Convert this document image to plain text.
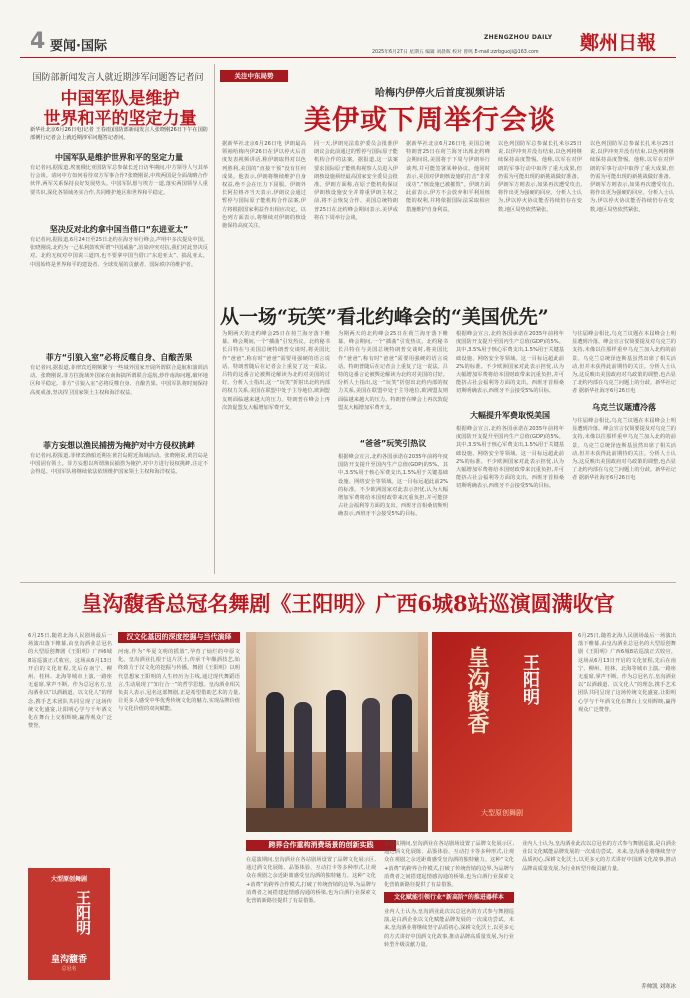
4 要闻·国际
ZHENGZHOU DAILY 鄭州日報
2025年6月27日 星期五 编辑 刘晨晖 校对 曾鸣 E-mail:zzrbguoji@163.com
国防部新闻发言人就近期涉军问题答记者问
中国军队是维护
世界和平的坚定力量
新华社北京6月26日电(记者 王春雨)国防部新闻发言人张晓刚26日下午在国防部例行记者会上就近期涉军问题答记者问。
中国军队是维护世界和平的坚定力量
有记者问,据报道,埃塞俄比亚国防军总参谋长近日访华期间,中方领导人与其举行会谈。请问中方如何看待双方军事合作?张晓刚说,中埃两国是全面战略合作伙伴,两军关系保持良好发展势头。中国军队愿与埃方一道,落实两国领导人重要共识,深化各领域务实合作,共同维护地区和世界和平稳定。
坚决反对北约拿中国当借口“东进亚太”
有记者问,据报道,6月24日至25日北约在海牙举行峰会,声明中多次提及中国。张晓刚说,北约为一己私利鼓吹所谓“中国威胁”,渲染冲突对抗,我们对此坚决反对。北约无权对中国说三道四,也不要拿中国当借口“东进亚太”、搞乱亚太。中国始终是世界和平的建设者、全球发展的贡献者、国际秩序的维护者。
菲方“引狼入室”必将反噬自身、自酿苦果
有记者问,据报道,菲律宾近期频繁与一些域外国家开展所谓联合巡航和演训活动。张晓刚说,菲方拉拢域外国家在南海搞所谓联合巡航,炒作南海问题,破坏地区和平稳定。菲方“引狼入室”必将反噬自身、自酿苦果。中国军队将时刻保持高度戒备,坚决捍卫国家领土主权和海洋权益。
菲方妄想以渔民捕捞为掩护对中方侵权挑衅
有记者问,据报道,菲律宾渔船近期在黄岩岛附近海域活动。张晓刚说,黄岩岛是中国固有领土。菲方妄想以所谓渔民捕捞为掩护,对中方进行侵权挑衅,注定不会得逞。中国军队将继续依法依规维护国家领土主权和海洋权益。
关注中东局势
哈梅内伊停火后首度视频讲话
美伊或下周举行会谈
据新华社北京6月26日电 伊朗最高领袖哈梅内伊26日在伊以停火后首度发表视频讲话,称伊朗取得对以色列胜利,美国的“直接干预”没有任何成果。他表示,伊朗将继续维护自身权益,绝不会在压力下屈服。伊朗外长阿拉格齐当天表示,伊朗议会通过暂停与国际原子能机构合作法案,伊方将根据国家利益作出相应决定。以色列方面表示,将继续对伊朗的核设施保持高度关注。
同一天,伊朗宪法监护委员会批准伊朗议会此前通过的暂停与国际原子能机构合作的法案。据报道,这一法案要求国际原子能机构视察人员进入伊朗核设施须经最高国家安全委员会批准。伊朗方面称,在原子能机构保证伊朗核设施安全并尊重伊朗主权之前,将不会恢复合作。美国总统特朗普25日在北约峰会期间表示,美伊或将在下周举行会谈。
据新华社北京6月26日电 美国总统特朗普25日在荷兰海牙出席北约峰会期间说,美国将于下周与伊朗举行谈判,并可能签署某种协议。他同时表示,美国对伊朗核设施的打击“非常成功”,“核设施已被摧毁”。伊朗方面此前表示,伊方不会放弃和平利用核能的权利,并将依据国际法采取相应措施维护自身利益。
以色列国防军总参谋长扎米尔25日说,以伊冲突并没有结束,以色列将继续保持高度警惕。他称,以军在对伊朗的军事行动中取得了重大成果,但仍需为可能出现的新挑战做好准备。伊朗军方则表示,如果再次遭受攻击,将作出更为强硬的回应。分析人士认为,伊以停火协议能否持续仍存在变数,地区局势依然紧张。
以色列国防军总参谋长扎米尔25日说,以伊冲突并没有结束,以色列将继续保持高度警惕。他称,以军在对伊朗的军事行动中取得了重大成果,但仍需为可能出现的新挑战做好准备。伊朗军方则表示,如果再次遭受攻击,将作出更为强硬的回应。分析人士认为,伊以停火协议能否持续仍存在变数,地区局势依然紧张。
从一场“玩笑”看北约峰会的“美国优先”
为期两天的北约峰会25日在荷兰海牙落下帷幕。峰会期间,一个“插曲”引发热议。北约秘书长吕特在与美国总统特朗普交谈时,将美国比作“爸爸”,称有时“爸爸”需要用强硬的语言说话。特朗普随后在记者会上重复了这一说法。吕特的这番言论被舆论解读为北约对美国的讨好。分析人士指出,这一“玩笑”折射出北约内部的权力关系,美国在联盟中处于主导地位,欧洲盟友则面临越来越大的压力。特朗普在峰会上再次敦促盟友大幅增加军费开支。
为期两天的北约峰会25日在荷兰海牙落下帷幕。峰会期间,一个“插曲”引发热议。北约秘书长吕特在与美国总统特朗普交谈时,将美国比作“爸爸”,称有时“爸爸”需要用强硬的语言说话。特朗普随后在记者会上重复了这一说法。吕特的这番言论被舆论解读为北约对美国的讨好。分析人士指出,这一“玩笑”折射出北约内部的权力关系,美国在联盟中处于主导地位,欧洲盟友则面临越来越大的压力。特朗普在峰会上再次敦促盟友大幅增加军费开支。
“爸爸”玩笑引热议
根据峰会宣言,北约各国承诺在2035年前将年度国防开支提升至国内生产总值(GDP)的5%。其中,3.5%用于核心军费支出,1.5%用于关键基础设施、网络安全等领域。这一目标远超此前2%的标准。不少欧洲国家对此表示担忧,认为大幅增加军费将给本国财政带来沉重负担,并可能挤占社会福利等方面的支出。西班牙首相桑切斯明确表示,西班牙不会接受5%的目标。
根据峰会宣言,北约各国承诺在2035年前将年度国防开支提升至国内生产总值(GDP)的5%。其中,3.5%用于核心军费支出,1.5%用于关键基础设施、网络安全等领域。这一目标远超此前2%的标准。不少欧洲国家对此表示担忧,认为大幅增加军费将给本国财政带来沉重负担,并可能挤占社会福利等方面的支出。西班牙首相桑切斯明确表示,西班牙不会接受5%的目标。
大幅提升军费取悦美国
根据峰会宣言,北约各国承诺在2035年前将年度国防开支提升至国内生产总值(GDP)的5%。其中,3.5%用于核心军费支出,1.5%用于关键基础设施、网络安全等领域。这一目标远超此前2%的标准。不少欧洲国家对此表示担忧,认为大幅增加军费将给本国财政带来沉重负担,并可能挤占社会福利等方面的支出。西班牙首相桑切斯明确表示,西班牙不会接受5%的目标。
与往届峰会相比,乌克兰议题在本届峰会上明显遭到冷落。峰会宣言仅简要提及对乌克兰的支持,未像以往那样重申乌克兰加入北约的前景。乌克兰总统泽连斯基虽然出席了相关活动,但并未获得此前期待的关注。分析人士认为,这反映出美国政府对乌政策的调整,也凸显了北约内部在乌克兰问题上的分歧。新华社记者 据新华社海牙6月26日电
乌克兰议题遭冷落
与往届峰会相比,乌克兰议题在本届峰会上明显遭到冷落。峰会宣言仅简要提及对乌克兰的支持,未像以往那样重申乌克兰加入北约的前景。乌克兰总统泽连斯基虽然出席了相关活动,但并未获得此前期待的关注。分析人士认为,这反映出美国政府对乌政策的调整,也凸显了北约内部在乌克兰问题上的分歧。新华社记者 据新华社海牙6月26日电
皇沟馥香总冠名舞剧《王阳明》广西6城8站巡演圆满收官
6月25日,随着北海人民剧场最后一场演出落下帷幕,由皇沟酒业总冠名的大型原创舞剧《王阳明》广西6城8站巡演正式收官。这场从6月13日开启的文化征程,先后在南宁、柳州、桂林、北海等城市上演,一路座无虚席,掌声不断。作为总冠名方,皇沟酒业以“以酒载道、以文化人”的理念,携手艺术团队共同呈现了这场传统文化盛宴,让阳明心学与千年酒文化在舞台上交相辉映,赢得观众广泛赞誉。
大型原创舞剧
王阳明
皇沟馥香
总冠名
汉文化基因的深度挖掘与当代演绎
河南,作为“华夏文明的摇篮”,孕育了灿烂的中原文化。皇沟酒业扎根于这片沃土,传承千年酿酒技艺,始终致力于汉文化的挖掘与传播。舞剧《王阳明》以明代思想家王阳明的人生经历为主线,通过现代舞蹈语言,生动展现了“知行合一”的哲学思想。皇沟酒业相关负责人表示,冠名这部舞剧,正是希望借助艺术的力量,让更多人感受中华优秀传统文化的魅力,实现品牌价值与文化价值的双向赋能。	皇沟馥香	王阳明
大型原创舞剧
6月25日,随着北海人民剧场最后一场演出落下帷幕,由皇沟酒业总冠名的大型原创舞剧《王阳明》广西6城8站巡演正式收官。这场从6月13日开启的文化征程,先后在南宁、柳州、桂林、北海等城市上演,一路座无虚席,掌声不断。作为总冠名方,皇沟酒业以“以酒载道、以文化人”的理念,携手艺术团队共同呈现了这场传统文化盛宴,让阳明心学与千年酒文化在舞台上交相辉映,赢得观众广泛赞誉。
跨界合作重构消费场景的创新实践
在巡演期间,皇沟酒业在各站剧场设置了品牌文化展示区,通过酒文化展陈、品鉴体验、互动打卡等多种形式,让观众在观剧之余近距离感受皇沟酒的独特魅力。这种“文化+消费”的跨界合作模式,打破了传统营销的边界,为品牌与消费者之间搭建起情感沟通的桥梁,也为白酒行业探索文化营销新路径提供了有益借鉴。
在巡演期间,皇沟酒业在各站剧场设置了品牌文化展示区,通过酒文化展陈、品鉴体验、互动打卡等多种形式,让观众在观剧之余近距离感受皇沟酒的独特魅力。这种“文化+消费”的跨界合作模式,打破了传统营销的边界,为品牌与消费者之间搭建起情感沟通的桥梁,也为白酒行业探索文化营销新路径提供了有益借鉴。
文化赋能引领行业“新高阶”的推进器样本
业内人士认为,皇沟酒业此次以总冠名的方式参与舞剧巡演,是白酒企业以文化赋能品牌发展的一次成功尝试。未来,皇沟酒业将继续坚守品质初心,深耕文化沃土,以更多元的方式讲好中国酒文化故事,推动品牌高质量发展,为行业转型升级贡献力量。
业内人士认为,皇沟酒业此次以总冠名的方式参与舞剧巡演,是白酒企业以文化赋能品牌发展的一次成功尝试。未来,皇沟酒业将继续坚守品质初心,深耕文化沃土,以更多元的方式讲好中国酒文化故事,推动品牌高质量发展,为行业转型升级贡献力量。
乔帅凯 刘寒冰
